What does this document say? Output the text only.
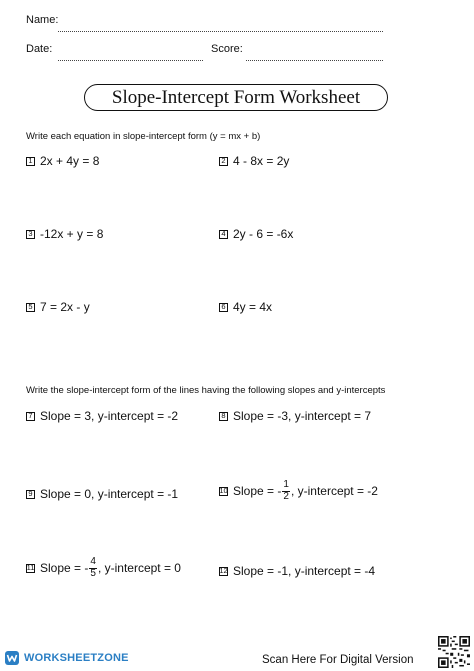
Name:
Date:	Score:
Slope-Intercept Form Worksheet
Write each equation in slope-intercept form (y = mx + b)
1 2x + 4y = 8	2 4 - 8x = 2y
3 -12x + y = 8	4 2y - 6 = -6x
5 7 = 2x - y	6 4y = 4x
Write the slope-intercept form of the lines having the following slopes and y-intercepts
7 Slope = 3, y-intercept = -2	8 Slope = -3, y-intercept = 7
9 Slope = 0, y-intercept = -1	10 Slope = - $\frac{1}{2}$ , y-intercept = -2
11 Slope = - $\frac{4}{5}$ , y-intercept = 0	12 Slope = -1, y-intercept = -4
WORKSHEETZONE	Scan Here For Digital Version
